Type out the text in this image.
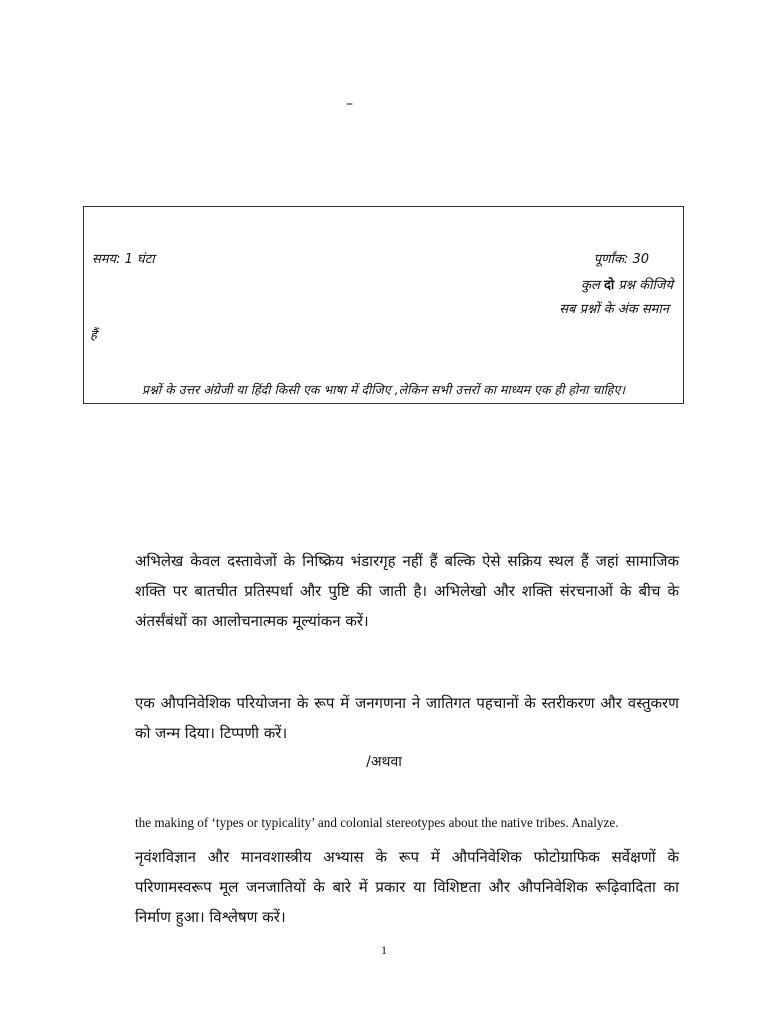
–
समय: 1 घंटा	पूर्णांक: 30
कुल दो प्रश्न कीजिये
सब प्रश्नों के अंक समान
हैं
प्रश्नों के उत्तर अंग्रेजी या हिंदी किसी एक भाषा में दीजिए ,लेकिन सभी उत्तरों का माध्यम एक ही होना चाहिए।

अभिलेख केवल दस्तावेजों के निष्क्रिय भंडारगृह नहीं हैं बल्कि ऐसे सक्रिय स्थल हैं जहां सामाजिक शक्ति पर बातचीत प्रतिस्पर्धा और पुष्टि की जाती है। अभिलेखो और शक्ति संरचनाओं के बीच के अंतर्संबंधों का आलोचनात्मक मूल्यांकन करें।

एक औपनिवेशिक परियोजना के रूप में जनगणना ने जातिगत पहचानों के स्तरीकरण और वस्तुकरण को जन्म दिया। टिप्पणी करें।

/अथवा
the making of ‘types or typicality’ and colonial stereotypes about the native tribes. Analyze.

नृवंशविज्ञान और मानवशास्त्रीय अभ्यास के रूप में औपनिवेशिक फोटोग्राफिक सर्वेक्षणों के परिणामस्वरूप मूल जनजातियों के बारे में प्रकार या विशिष्टता और औपनिवेशिक रूढ़िवादिता का निर्माण हुआ। विश्लेषण करें।

1
